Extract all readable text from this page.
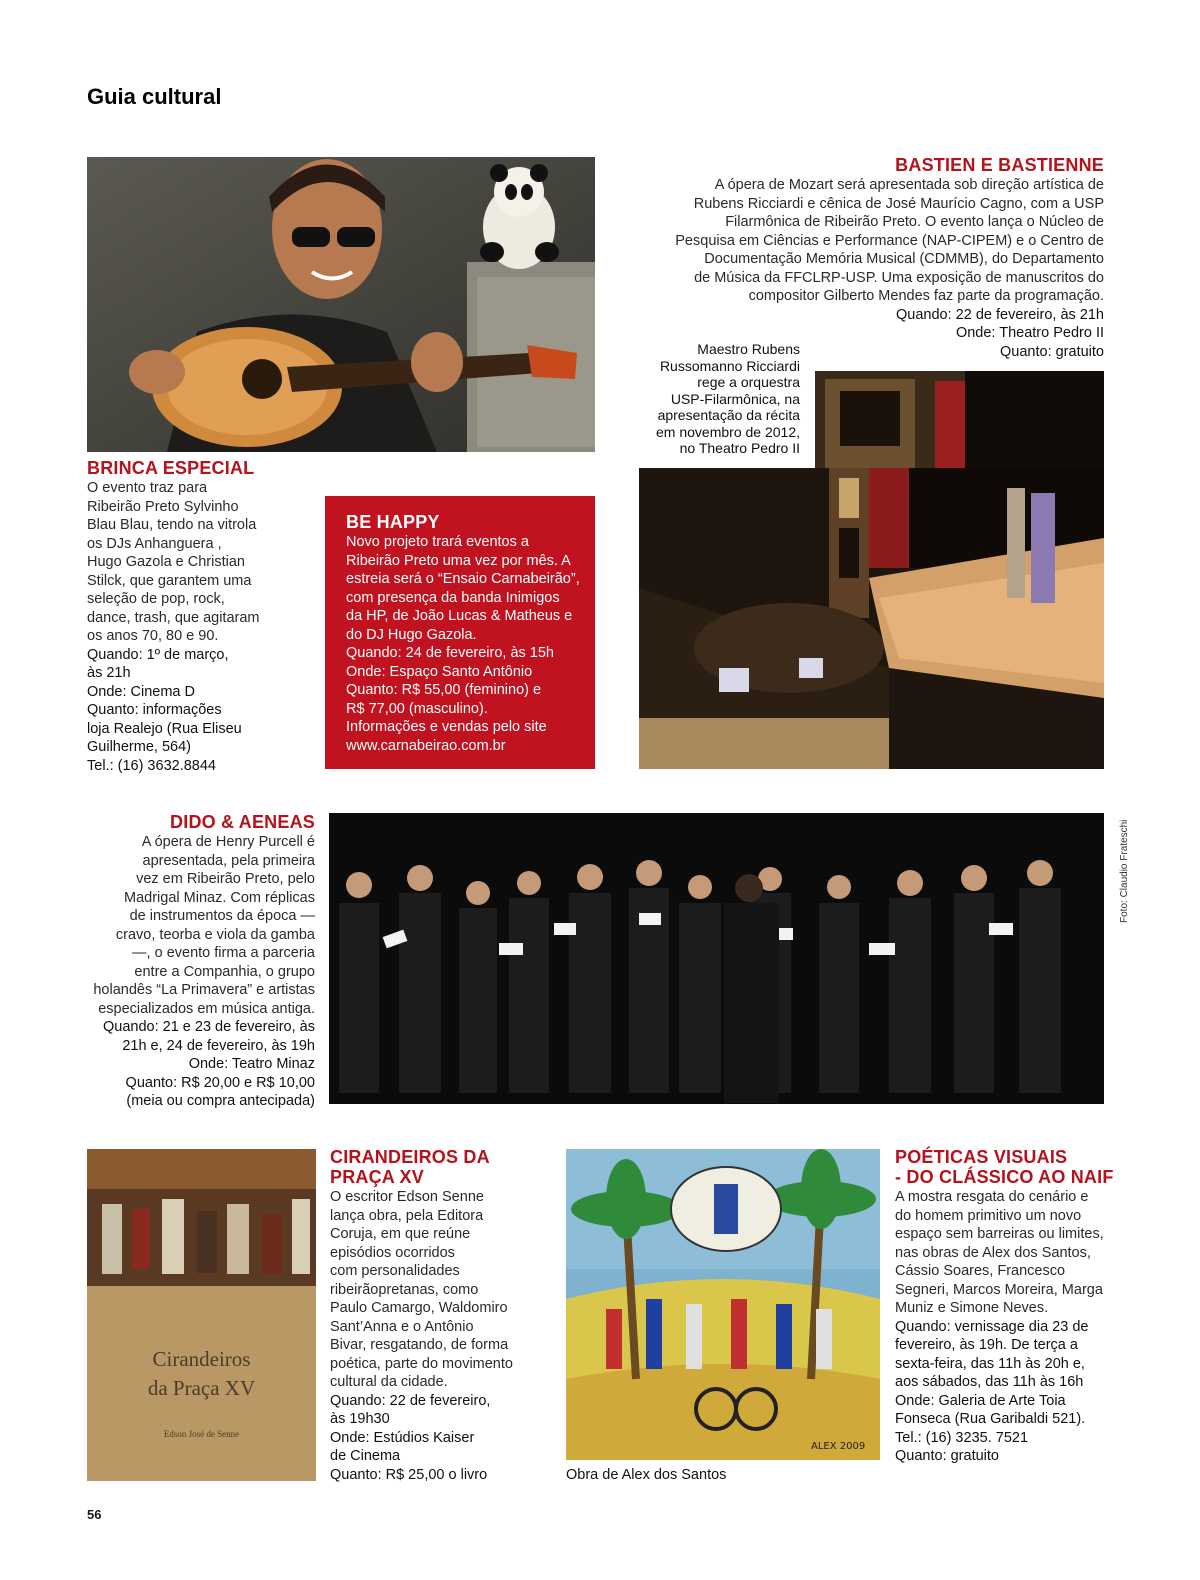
Guia cultural
BRINCA ESPECIAL

O evento traz para

Ribeirão Preto Sylvinho

Blau Blau, tendo na vitrola

os DJs Anhanguera ,

Hugo Gazola e Christian

Stilck, que garantem uma

seleção de pop, rock,

dance, trash, que agitaram

os anos 70, 80 e 90.

Quando: 1º de março,

às 21h

Onde: Cinema D

Quanto: informações

loja Realejo (Rua Eliseu

Guilherme, 564)

Tel.: (16) 3632.8844

BE HAPPY

Novo projeto trará eventos a

Ribeirão Preto uma vez por mês. A

estreia será o “Ensaio Carnabeirão”,

com presença da banda Inimigos

da HP, de João Lucas & Matheus e

do DJ Hugo Gazola.

Quando: 24 de fevereiro, às 15h

Onde: Espaço Santo Antônio

Quanto: R$ 55,00 (feminino) e

R$ 77,00 (masculino).

Informações e vendas pelo site

www.carnabeirao.com.br

BASTIEN E BASTIENNE

A ópera de Mozart será apresentada sob direção artística de

Rubens Ricciardi e cênica de José Maurício Cagno, com a USP

Filarmônica de Ribeirão Preto. O evento lança o Núcleo de

Pesquisa em Ciências e Performance (NAP-CIPEM) e o Centro de

Documentação Memória Musical (CDMMB), do Departamento

de Música da FFCLRP-USP. Uma exposição de manuscritos do

compositor Gilberto Mendes faz parte da programação.

Quando: 22 de fevereiro, às 21h

Onde: Theatro Pedro II

Quanto: gratuito

Maestro Rubens

Russomanno Ricciardi

rege a orquestra

USP-Filarmônica, na

apresentação da récita

em novembro de 2012,

no Theatro Pedro II

DIDO & AENEAS

A ópera de Henry Purcell é

apresentada, pela primeira

vez em Ribeirão Preto, pelo

Madrigal Minaz. Com réplicas

de instrumentos da época —

cravo, teorba e viola da gamba

—, o evento firma a parceria

entre a Companhia, o grupo

holandês “La Primavera” e artistas

especializados em música antiga.

Quando: 21 e 23 de fevereiro, às

21h e, 24 de fevereiro, às 19h

Onde: Teatro Minaz

Quanto: R$ 20,00 e R$ 10,00

(meia ou compra antecipada)

Foto: Claudio Frateschi
Cirandeiros
da Praça XV
Edson José de Senne
CIRANDEIROS DA
PRAÇA XV

O escritor Edson Senne

lança obra, pela Editora

Coruja, em que reúne

episódios ocorridos

com personalidades

ribeirãopretanas, como

Paulo Camargo, Waldomiro

Sant’Anna e o Antônio

Bivar, resgatando, de forma

poética, parte do movimento

cultural da cidade.

Quando: 22 de fevereiro,

às 19h30

Onde: Estúdios Kaiser

de Cinema

Quanto: R$ 25,00 o livro

ALEX 2009
Obra de Alex dos Santos
POÉTICAS VISUAIS
- DO CLÁSSICO AO NAIF

A mostra resgata do cenário e

do homem primitivo um novo

espaço sem barreiras ou limites,

nas obras de Alex dos Santos,

Cássio Soares, Francesco

Segneri, Marcos Moreira, Marga

Muniz e Simone Neves.

Quando: vernissage dia 23 de

fevereiro, às 19h. De terça a

sexta-feira, das 11h às 20h e,

aos sábados, das 11h às 16h

Onde: Galeria de Arte Toia

Fonseca (Rua Garibaldi 521).

Tel.: (16) 3235. 7521

Quanto: gratuito

56
